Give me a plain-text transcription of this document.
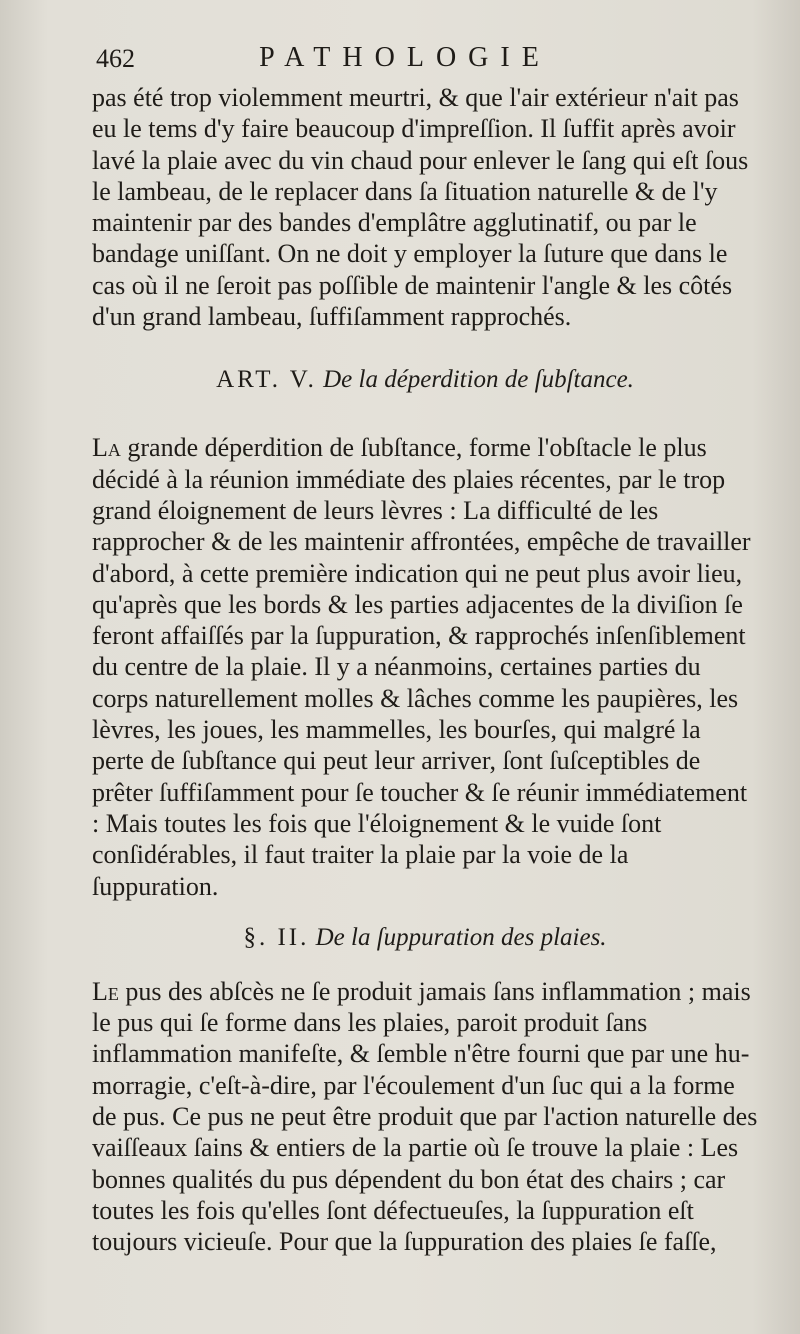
462	PATHOLOGIE

pas été trop violemment meurtri, & que l'air extérieur n'ait pas eu le tems d'y faire beaucoup d'impreſſion. Il ſuffit après avoir lavé la plaie avec du vin chaud pour enlever le ſang qui eſt ſous le lambeau, de le replacer dans ſa ſituation naturelle & de l'y maintenir par des bandes d'emplâtre agglutinatif, ou par le bandage uniſſant. On ne doit y employer la ſuture que dans le cas où il ne ſeroit pas poſſible de maintenir l'angle & les côtés d'un grand lambeau, ſuffiſamment rapprochés.

ART. V. De la déperdition de ſubſtance.

La grande déperdition de ſubſtance, forme l'obſtacle le plus décidé à la réunion immédiate des plaies récentes, par le trop grand éloignement de leurs lèvres : La difficulté de les rapprocher & de les maintenir affrontées, empêche de travailler d'abord, à cette première indication qui ne peut plus avoir lieu, qu'après que les bords & les parties adjacentes de la diviſion ſe feront affaiſſés par la ſuppuration, & rapprochés inſenſiblement du centre de la plaie. Il y a néanmoins, certaines parties du corps naturellement molles & lâches comme les paupières, les lèvres, les joues, les mammelles, les bourſes, qui malgré la perte de ſubſtance qui peut leur arriver, ſont ſuſceptibles de prêter ſuffiſamment pour ſe toucher & ſe réunir immédiatement : Mais toutes les fois que l'éloignement & le vuide ſont conſidérables, il faut traiter la plaie par la voie de la ſuppuration.

§. II. De la ſuppuration des plaies.

Le pus des abſcès ne ſe produit jamais ſans inflammation ; mais le pus qui ſe forme dans les plaies, paroit produit ſans inflammation manifeſte, & ſemble n'être fourni que par une hu-morragie, c'eſt-à-dire, par l'écoulement d'un ſuc qui a la forme de pus. Ce pus ne peut être produit que par l'action naturelle des vaiſſeaux ſains & entiers de la partie où ſe trouve la plaie : Les bonnes qualités du pus dépendent du bon état des chairs ; car toutes les fois qu'elles ſont défectueuſes, la ſuppuration eſt toujours vicieuſe. Pour que la ſuppuration des plaies ſe faſſe,
